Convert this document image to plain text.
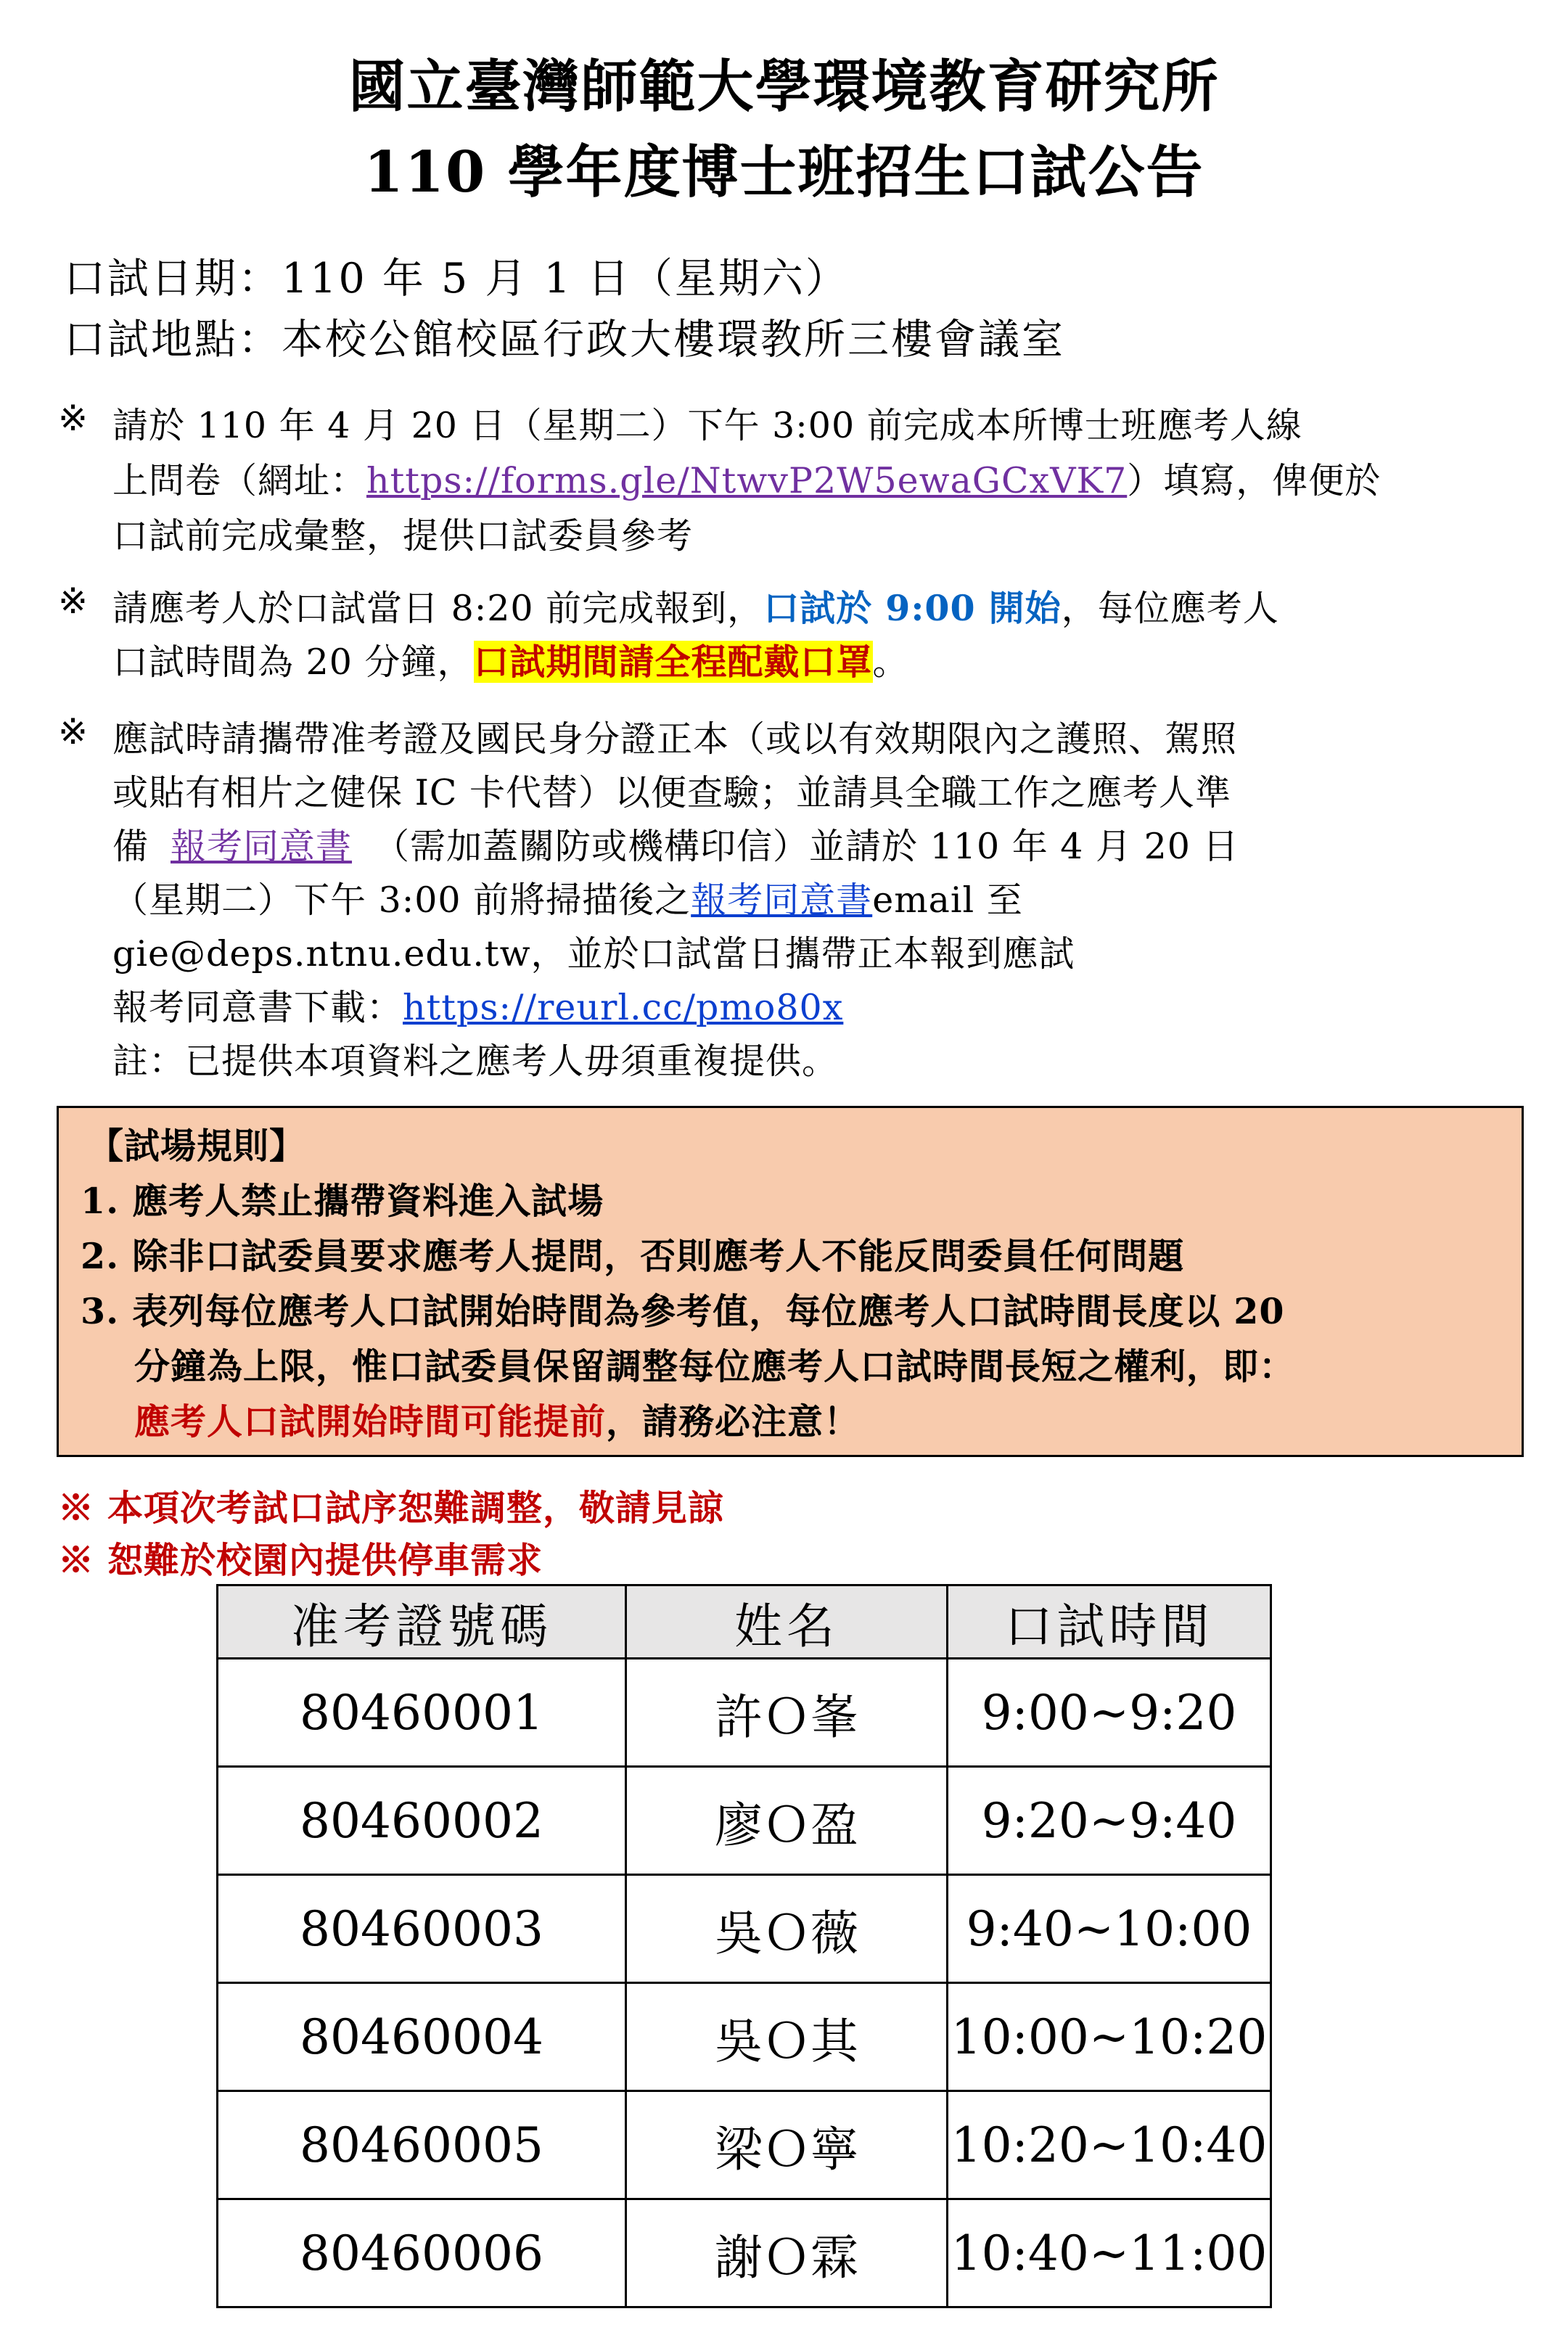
國立臺灣師範大學環境教育研究所
110 學年度博士班招生口試公告
口試日期：110 年 5 月 1 日（星期六）
口試地點：本校公館校區行政大樓環教所三樓會議室
※ 請於 110 年 4 月 20 日（星期二）下午 3:00 前完成本所博士班應考人線
上問卷（網址：https://forms.gle/NtwvP2W5ewaGCxVK7）填寫，俾便於
口試前完成彙整，提供口試委員參考
※ 請應考人於口試當日 8:20 前完成報到，口試於 9:00 開始，每位應考人
口試時間為 20 分鐘，口試期間請全程配戴口罩。
※ 應試時請攜帶准考證及國民身分證正本（或以有效期限內之護照、駕照
或貼有相片之健保 IC 卡代替）以便查驗；並請具全職工作之應考人準
備 報考同意書 （需加蓋關防或機構印信）並請於 110 年 4 月 20 日
（星期二）下午 3:00 前將掃描後之報考同意書email 至
gie@deps.ntnu.edu.tw，並於口試當日攜帶正本報到應試
報考同意書下載：https://reurl.cc/pmo80x
註：已提供本項資料之應考人毋須重複提供。
【試場規則】
1. 應考人禁止攜帶資料進入試場
2. 除非口試委員要求應考人提問，否則應考人不能反問委員任何問題
3. 表列每位應考人口試開始時間為參考值，每位應考人口試時間長度以 20
分鐘為上限，惟口試委員保留調整每位應考人口試時間長短之權利，即：
應考人口試開始時間可能提前，請務必注意！
※ 本項次考試口試序恕難調整，敬請見諒
※ 恕難於校園內提供停車需求
准考證號碼	姓名	口試時間
80460001	許Ｏ峯	9:00~9:20
80460002	廖Ｏ盈	9:20~9:40
80460003	吳Ｏ薇	9:40~10:00
80460004	吳Ｏ其	10:00~10:20
80460005	梁Ｏ寧	10:20~10:40
80460006	謝Ｏ霖	10:40~11:00
